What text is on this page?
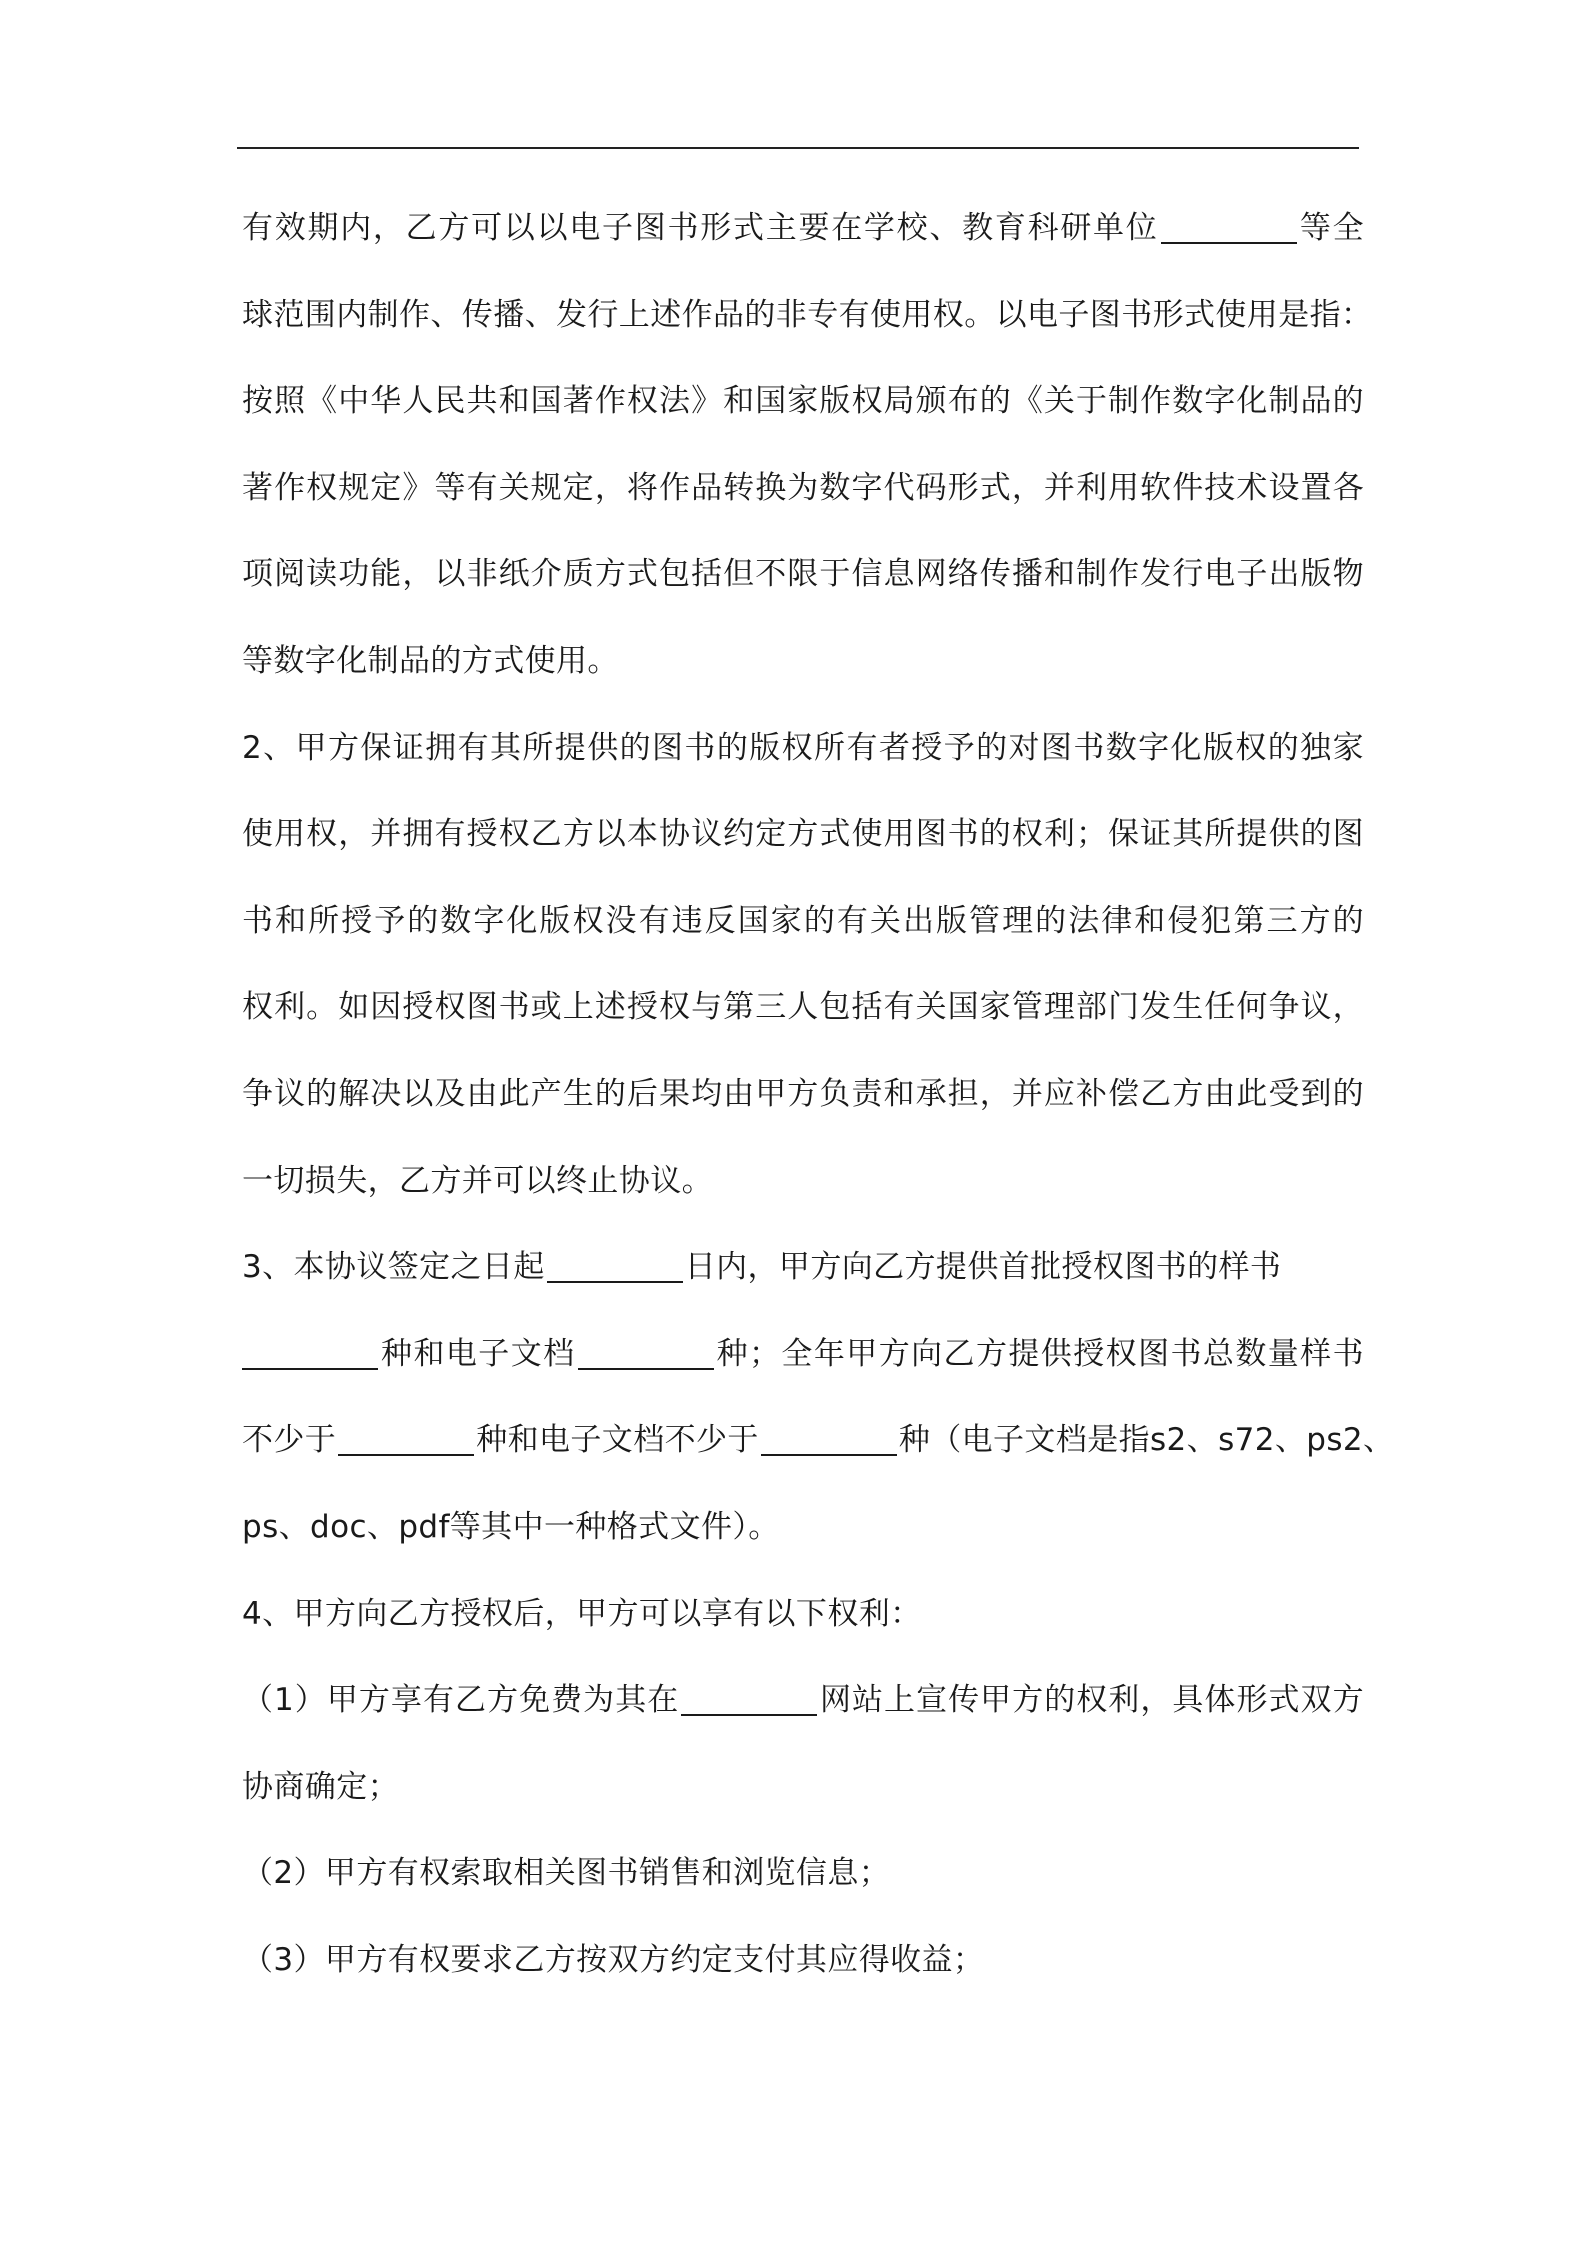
有效期内，乙方可以以电子图书形式主要在学校、教育科研单位	等全
球范围内制作、传播、发行上述作品的非专有使用权。以电子图书形式使用是指：
按照《中华人民共和国著作权法》和国家版权局颁布的《关于制作数字化制品的
著作权规定》等有关规定，将作品转换为数字代码形式，并利用软件技术设置各
项阅读功能，以非纸介质方式包括但不限于信息网络传播和制作发行电子出版物
等数字化制品的方式使用。
2、甲方保证拥有其所提供的图书的版权所有者授予的对图书数字化版权的独家
使用权，并拥有授权乙方以本协议约定方式使用图书的权利；保证其所提供的图
书和所授予的数字化版权没有违反国家的有关出版管理的法律和侵犯第三方的
权利。如因授权图书或上述授权与第三人包括有关国家管理部门发生任何争议，
争议的解决以及由此产生的后果均由甲方负责和承担，并应补偿乙方由此受到的
一切损失，乙方并可以终止协议。
3、本协议签定之日起	日内，甲方向乙方提供首批授权图书的样书
种和电子文档	种；全年甲方向乙方提供授权图书总数量样书
不少于	种和电子文档不少于	种（电子文档是指s2、s72、ps2、
ps、doc、pdf等其中一种格式文件）。
4、甲方向乙方授权后，甲方可以享有以下权利：
（1）甲方享有乙方免费为其在	网站上宣传甲方的权利，具体形式双方
协商确定；
（2）甲方有权索取相关图书销售和浏览信息；
（3）甲方有权要求乙方按双方约定支付其应得收益；
